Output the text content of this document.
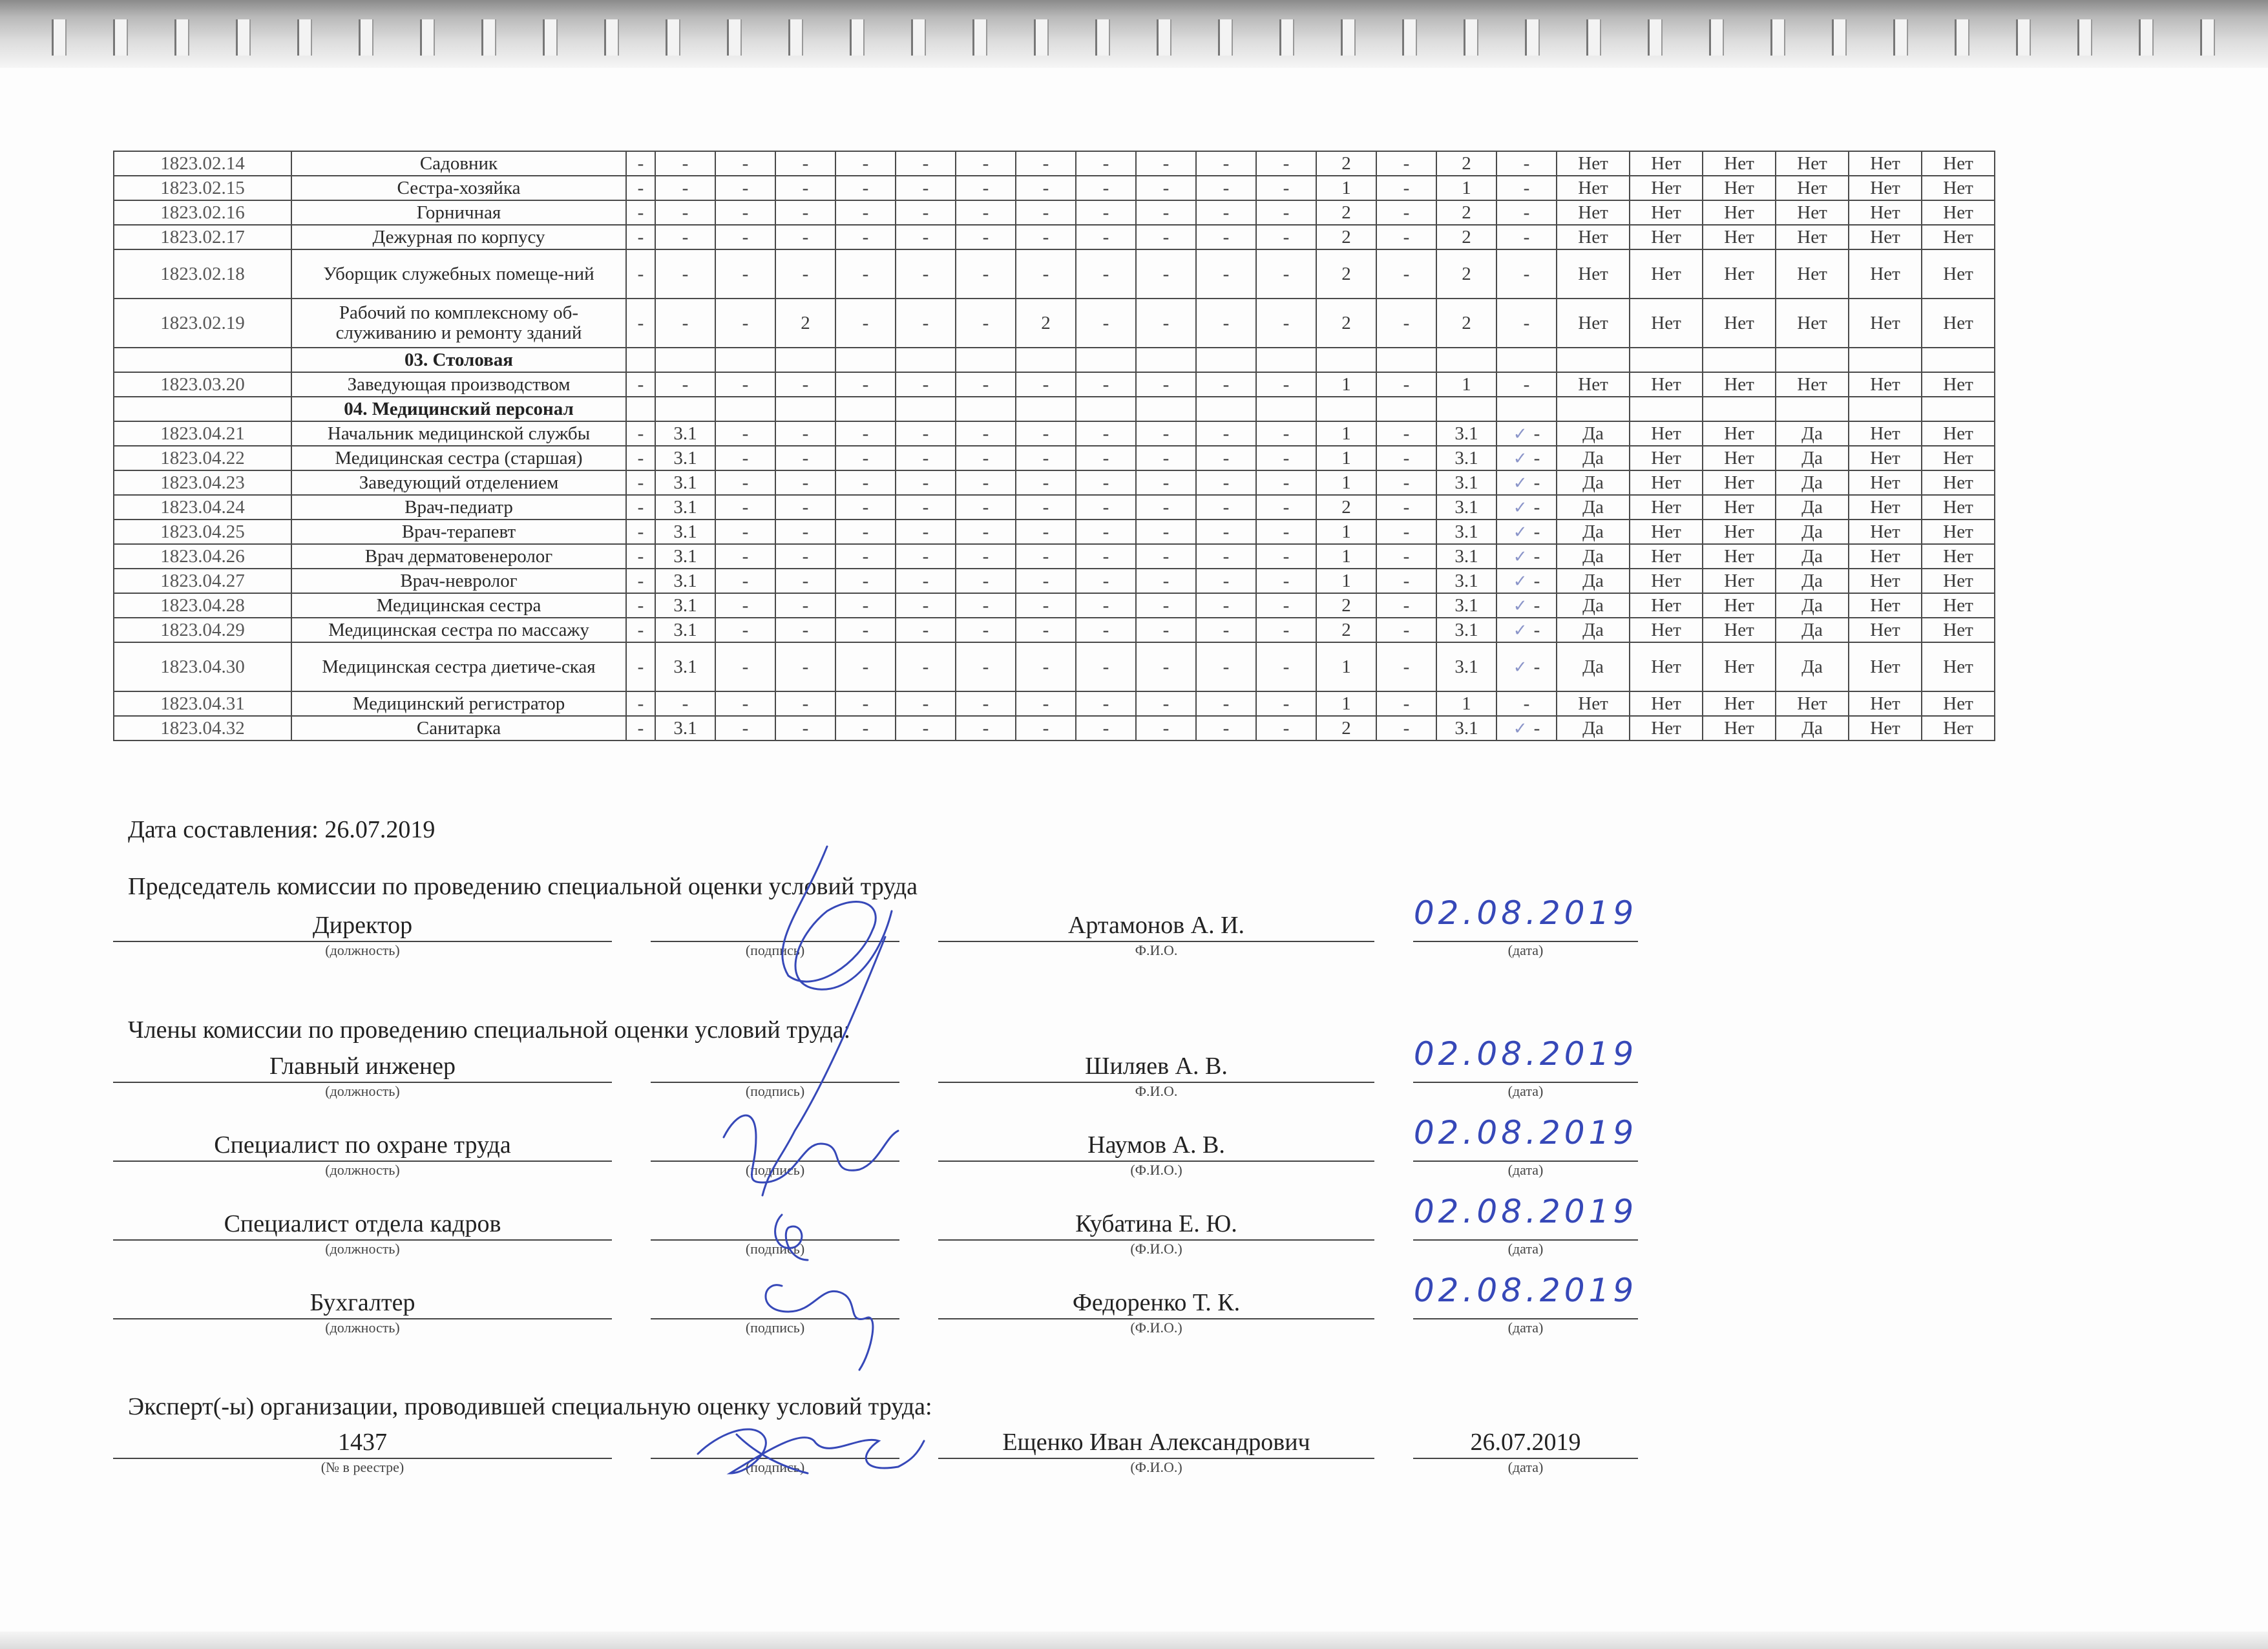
1823.02.14	Садовник	-	-	-	-	-	-	-	-	-	-	-	-	2	-	2	-	Нет	Нет	Нет	Нет	Нет	Нет
1823.02.15	Сестра-хозяйка	-	-	-	-	-	-	-	-	-	-	-	-	1	-	1	-	Нет	Нет	Нет	Нет	Нет	Нет
1823.02.16	Горничная	-	-	-	-	-	-	-	-	-	-	-	-	2	-	2	-	Нет	Нет	Нет	Нет	Нет	Нет
1823.02.17	Дежурная по корпусу	-	-	-	-	-	-	-	-	-	-	-	-	2	-	2	-	Нет	Нет	Нет	Нет	Нет	Нет
1823.02.18	Уборщик служебных помеще-ний	-	-	-	-	-	-	-	-	-	-	-	-	2	-	2	-	Нет	Нет	Нет	Нет	Нет	Нет
1823.02.19	Рабочий по комплексному об-служиванию и ремонту зданий	-	-	-	2	-	-	-	2	-	-	-	-	2	-	2	-	Нет	Нет	Нет	Нет	Нет	Нет
	03. Столовая																						
1823.03.20	Заведующая производством	-	-	-	-	-	-	-	-	-	-	-	-	1	-	1	-	Нет	Нет	Нет	Нет	Нет	Нет
	04. Медицинский персонал																						
1823.04.21	Начальник медицинской службы	-	3.1	-	-	-	-	-	-	-	-	-	-	1	-	3.1	✓ -	Да	Нет	Нет	Да	Нет	Нет
1823.04.22	Медицинская сестра (старшая)	-	3.1	-	-	-	-	-	-	-	-	-	-	1	-	3.1	✓ -	Да	Нет	Нет	Да	Нет	Нет
1823.04.23	Заведующий отделением	-	3.1	-	-	-	-	-	-	-	-	-	-	1	-	3.1	✓ -	Да	Нет	Нет	Да	Нет	Нет
1823.04.24	Врач-педиатр	-	3.1	-	-	-	-	-	-	-	-	-	-	2	-	3.1	✓ -	Да	Нет	Нет	Да	Нет	Нет
1823.04.25	Врач-терапевт	-	3.1	-	-	-	-	-	-	-	-	-	-	1	-	3.1	✓ -	Да	Нет	Нет	Да	Нет	Нет
1823.04.26	Врач дерматовенеролог	-	3.1	-	-	-	-	-	-	-	-	-	-	1	-	3.1	✓ -	Да	Нет	Нет	Да	Нет	Нет
1823.04.27	Врач-невролог	-	3.1	-	-	-	-	-	-	-	-	-	-	1	-	3.1	✓ -	Да	Нет	Нет	Да	Нет	Нет
1823.04.28	Медицинская сестра	-	3.1	-	-	-	-	-	-	-	-	-	-	2	-	3.1	✓ -	Да	Нет	Нет	Да	Нет	Нет
1823.04.29	Медицинская сестра по массажу	-	3.1	-	-	-	-	-	-	-	-	-	-	2	-	3.1	✓ -	Да	Нет	Нет	Да	Нет	Нет
1823.04.30	Медицинская сестра диетиче-ская	-	3.1	-	-	-	-	-	-	-	-	-	-	1	-	3.1	✓ -	Да	Нет	Нет	Да	Нет	Нет
1823.04.31	Медицинский регистратор	-	-	-	-	-	-	-	-	-	-	-	-	1	-	1	-	Нет	Нет	Нет	Нет	Нет	Нет
1823.04.32	Санитарка	-	3.1	-	-	-	-	-	-	-	-	-	-	2	-	3.1	✓ -	Да	Нет	Нет	Да	Нет	Нет
Дата составления: 26.07.2019
Председатель комиссии по проведению специальной оценки условий труда
Директор
(должность)	(подпись)
Артамонов А. И.
Ф.И.О.
02.08.2019
(дата)
Члены комиссии по проведению специальной оценки условий труда:
Главный инженер
(должность)	(подпись)
Шиляев А. В.
Ф.И.О.
02.08.2019
(дата)
Специалист по охране труда
(должность)	(подпись)
Наумов А. В.
(Ф.И.О.)
02.08.2019
(дата)
Специалист отдела кадров
(должность)	(подпись)
Кубатина Е. Ю.
(Ф.И.О.)
02.08.2019
(дата)
Бухгалтер
(должность)	(подпись)
Федоренко Т. К.
(Ф.И.О.)
02.08.2019
(дата)
Эксперт(-ы) организации, проводившей специальную оценку условий труда:
1437
(№ в реестре)	(подпись)
Ещенко Иван Александрович
(Ф.И.О.)
26.07.2019
(дата)
